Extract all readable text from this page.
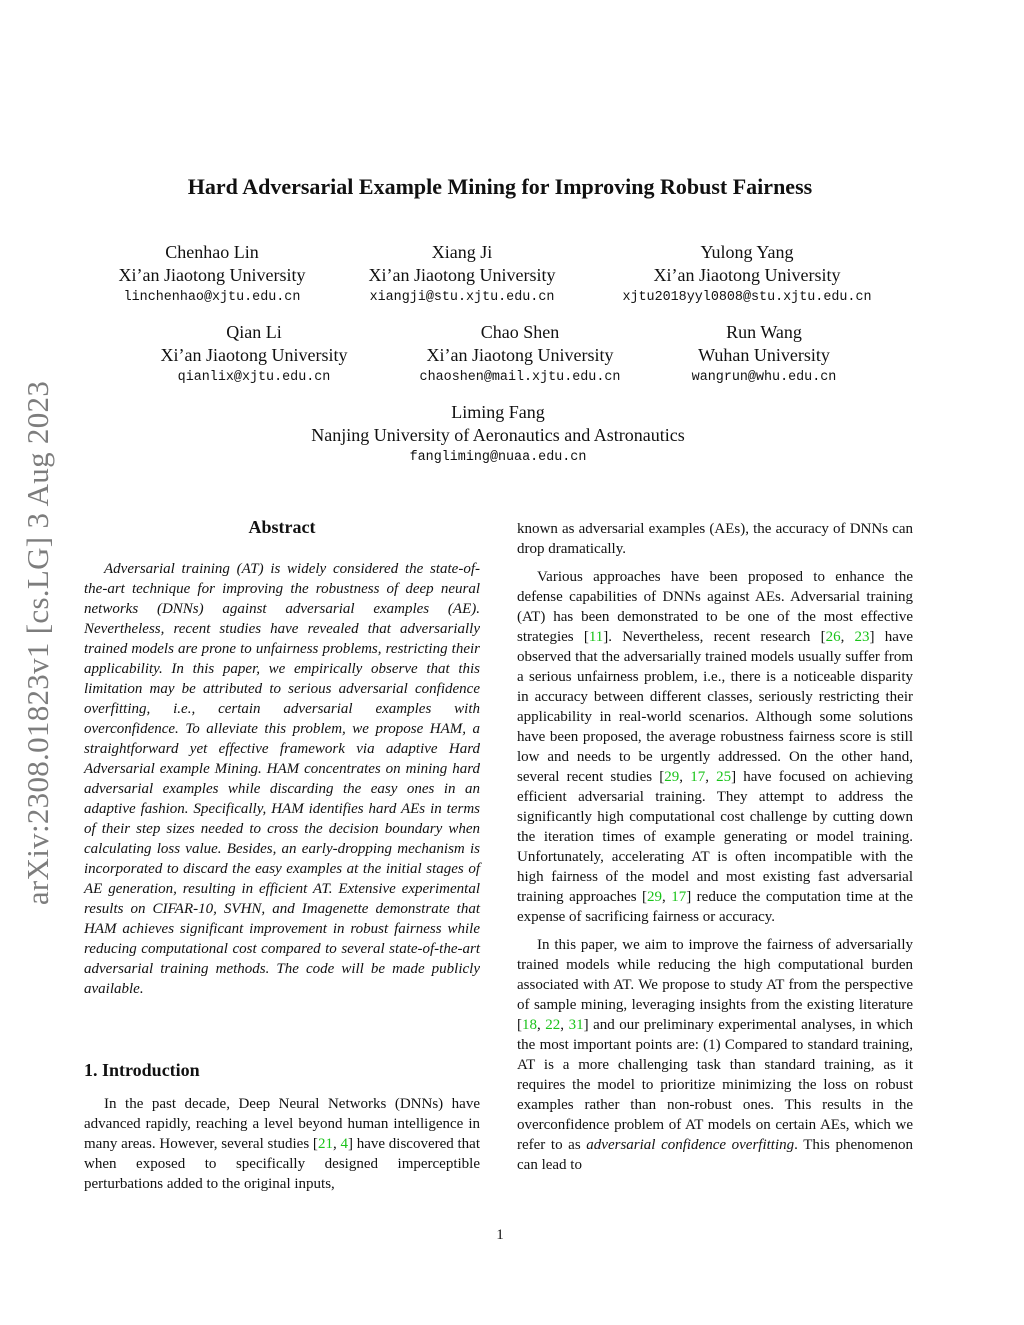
arXiv:2308.01823v1 [cs.LG] 3 Aug 2023
Hard Adversarial Example Mining for Improving Robust Fairness
Chenhao Lin
Xi’an Jiaotong University
linchenhao@xjtu.edu.cn
Xiang Ji
Xi’an Jiaotong University
xiangji@stu.xjtu.edu.cn
Yulong Yang
Xi’an Jiaotong University
xjtu2018yyl0808@stu.xjtu.edu.cn
Qian Li
Xi’an Jiaotong University
qianlix@xjtu.edu.cn
Chao Shen
Xi’an Jiaotong University
chaoshen@mail.xjtu.edu.cn
Run Wang
Wuhan University
wangrun@whu.edu.cn
Liming Fang
Nanjing University of Aeronautics and Astronautics
fangliming@nuaa.edu.cn
Abstract

Adversarial training (AT) is widely considered the state-of-the-art technique for improving the robustness of deep neural networks (DNNs) against adversarial examples (AE). Nevertheless, recent studies have revealed that adversarially trained models are prone to unfairness problems, restricting their applicability. In this paper, we empirically observe that this limitation may be attributed to serious adversarial confidence overfitting, i.e., certain adversarial examples with overconfidence. To alleviate this problem, we propose HAM, a straightforward yet effective framework via adaptive Hard Adversarial example Mining. HAM concentrates on mining hard adversarial examples while discarding the easy ones in an adaptive fashion. Specifically, HAM identifies hard AEs in terms of their step sizes needed to cross the decision boundary when calculating loss value. Besides, an early-dropping mechanism is incorporated to discard the easy examples at the initial stages of AE generation, resulting in efficient AT. Extensive experimental results on CIFAR-10, SVHN, and Imagenette demonstrate that HAM achieves significant improvement in robust fairness while reducing computational cost compared to several state-of-the-art adversarial training methods. The code will be made publicly available.

1. Introduction

In the past decade, Deep Neural Networks (DNNs) have advanced rapidly, reaching a level beyond human intelligence in many areas. However, several studies [21, 4] have discovered that when exposed to specifically designed imperceptible perturbations added to the original inputs,

known as adversarial examples (AEs), the accuracy of DNNs can drop dramatically.

Various approaches have been proposed to enhance the defense capabilities of DNNs against AEs. Adversarial training (AT) has been demonstrated to be one of the most effective strategies [11]. Nevertheless, recent research [26, 23] have observed that the adversarially trained models usually suffer from a serious unfairness problem, i.e., there is a noticeable disparity in accuracy between different classes, seriously restricting their applicability in real-world scenarios. Although some solutions have been proposed, the average robustness fairness score is still low and needs to be urgently addressed. On the other hand, several recent studies [29, 17, 25] have focused on achieving efficient adversarial training. They attempt to address the significantly high computational cost challenge by cutting down the iteration times of example generating or model training. Unfortunately, accelerating AT is often incompatible with the high fairness of the model and most existing fast adversarial training approaches [29, 17] reduce the computation time at the expense of sacrificing fairness or accuracy.

In this paper, we aim to improve the fairness of adversarially trained models while reducing the high computational burden associated with AT. We propose to study AT from the perspective of sample mining, leveraging insights from the existing literature [18, 22, 31] and our preliminary experimental analyses, in which the most important points are: (1) Compared to standard training, AT is a more challenging task than standard training, as it requires the model to prioritize minimizing the loss on robust examples rather than non-robust ones. This results in the overconfidence problem of AT models on certain AEs, which we refer to as adversarial confidence overfitting. This phenomenon can lead to

1
